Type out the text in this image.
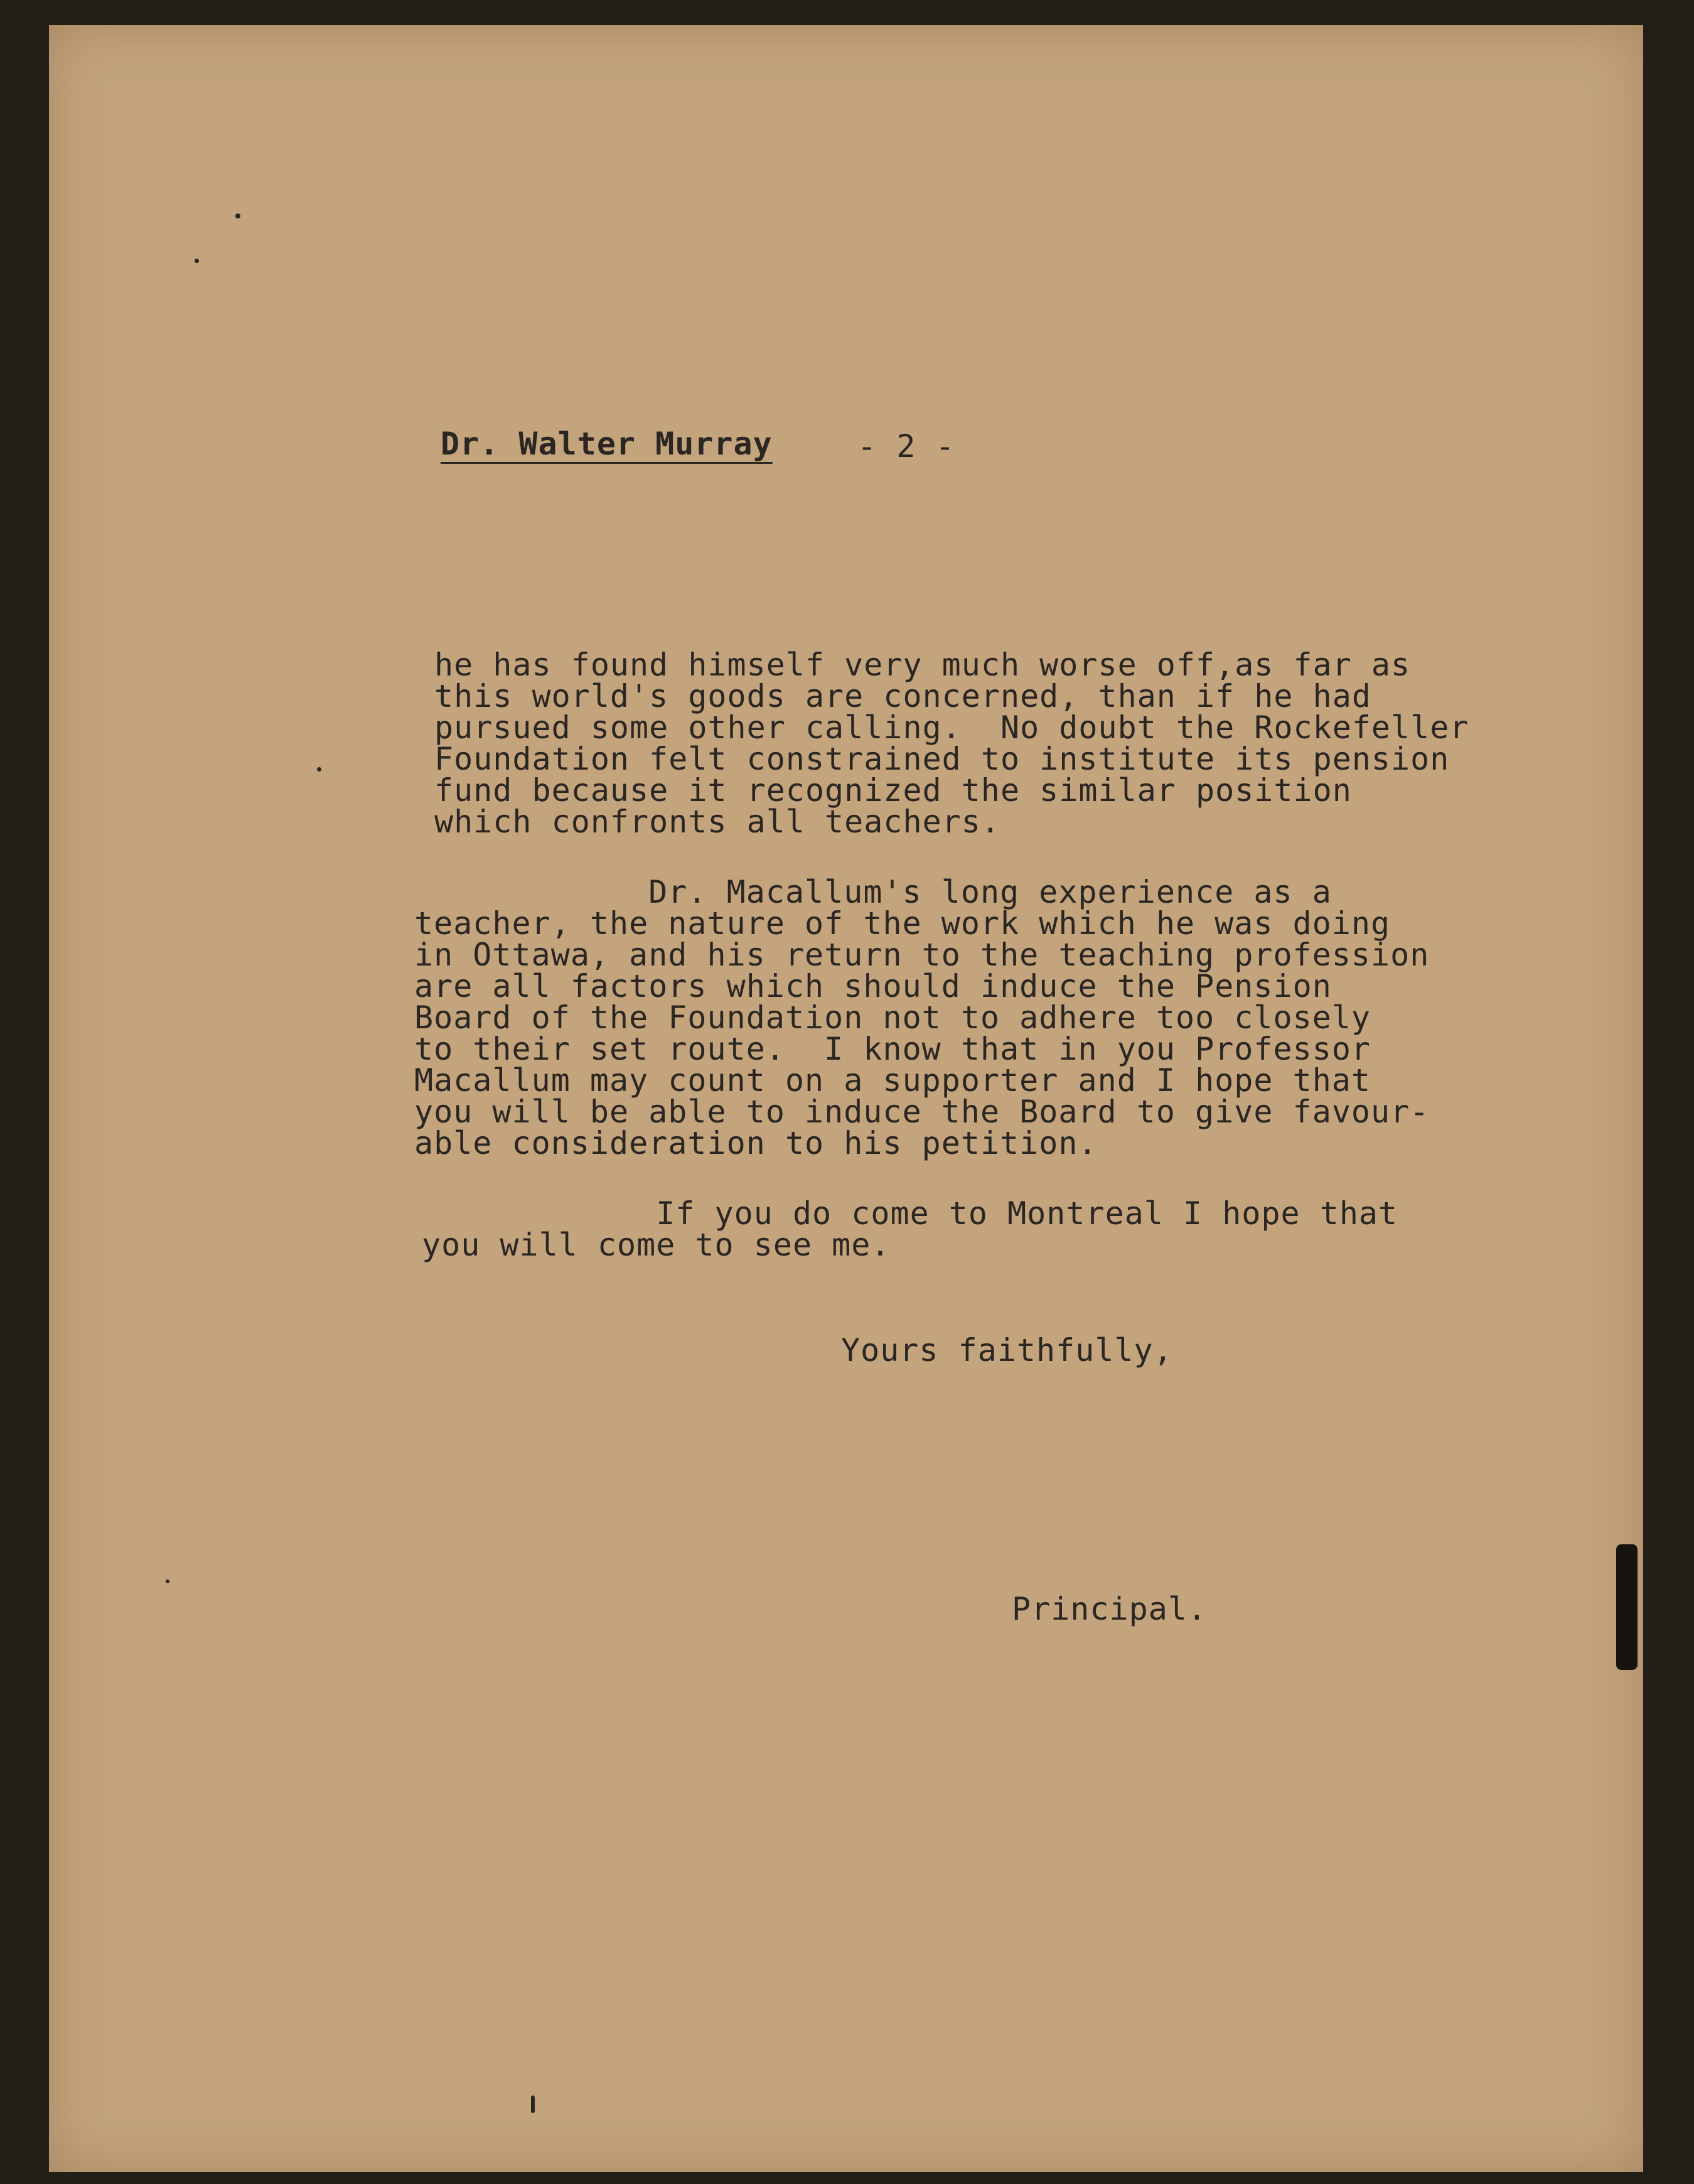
Dr. Walter Murray	- 2 -
he has found himself very much worse off,as far as
this world's goods are concerned, than if he had
pursued some other calling.  No doubt the Rockefeller
Foundation felt constrained to institute its pension
fund because it recognized the similar position
which confronts all teachers.
Dr. Macallum's long experience as a
teacher, the nature of the work which he was doing
in Ottawa, and his return to the teaching profession
are all factors which should induce the Pension
Board of the Foundation not to adhere too closely
to their set route.  I know that in you Professor
Macallum may count on a supporter and I hope that
you will be able to induce the Board to give favour-
able consideration to his petition.
If you do come to Montreal I hope that
you will come to see me.
Yours faithfully,
Principal.
